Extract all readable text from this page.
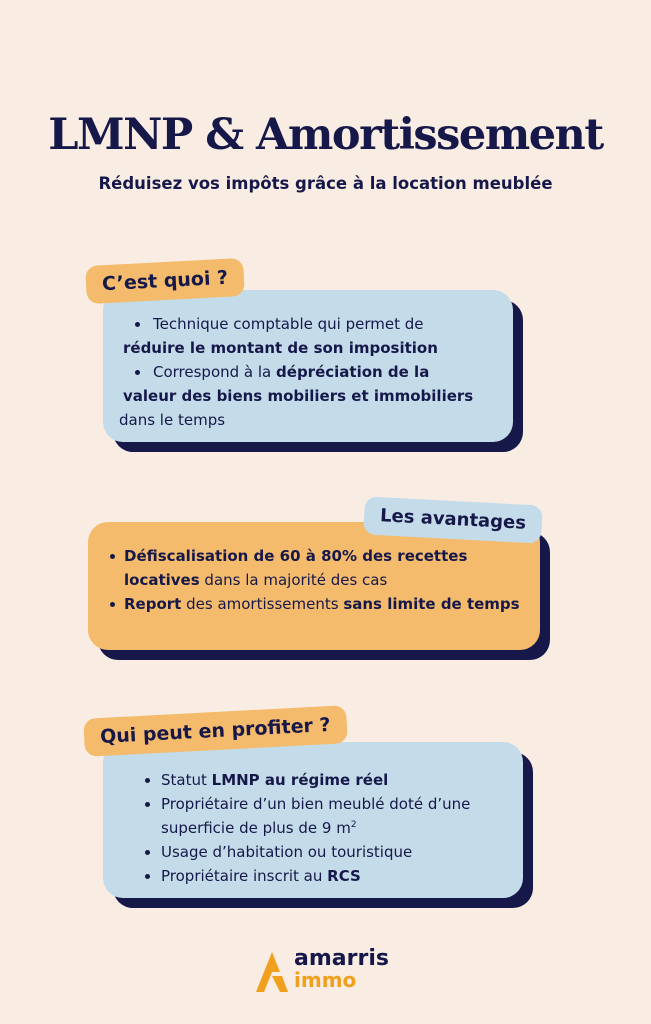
LMNP & Amortissement

Réduisez vos impôts grâce à la location meublée

Technique comptable qui permet de
réduire le montant de son imposition
Correspond à la dépréciation de la
valeur des biens mobiliers et immobiliers
dans le temps
C’est quoi ?
Défiscalisation de 60 à 80% des recettes locatives dans la majorité des cas
Report des amortissements sans limite de temps
Les avantages
Statut LMNP au régime réel
Propriétaire d’un bien meublé doté d’une superficie de plus de 9 $m^2$
Usage d’habitation ou touristique
Propriétaire inscrit au RCS
Qui peut en profiter ?
amarris
immo
